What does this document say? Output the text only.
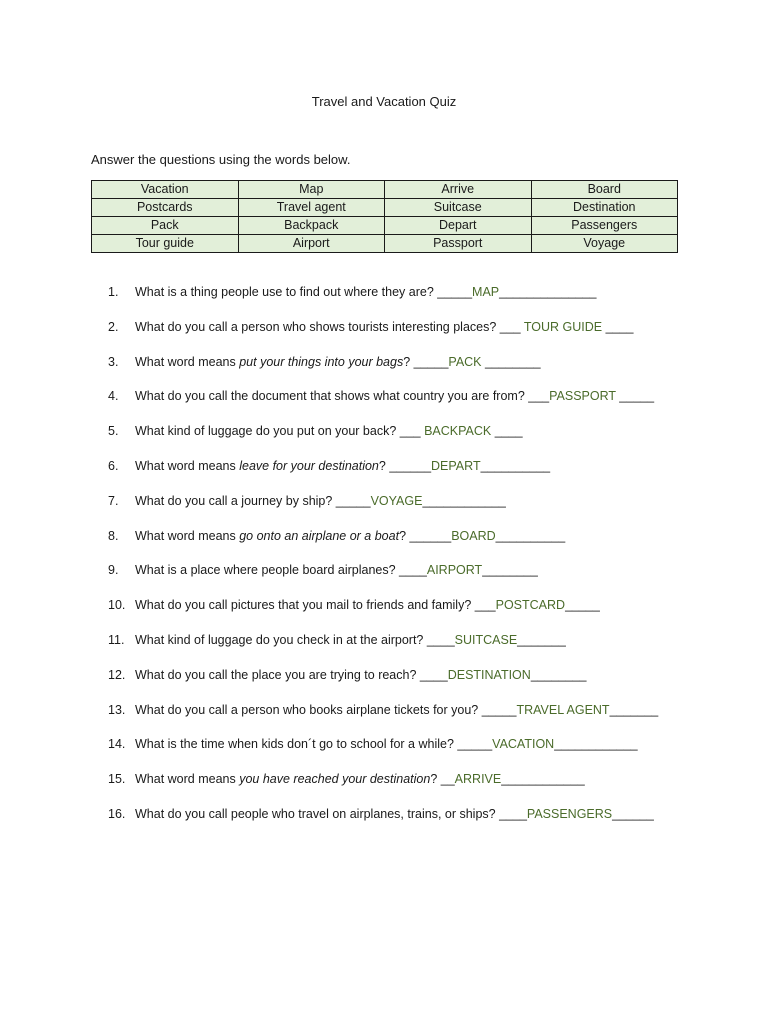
Travel and Vacation Quiz
Answer the questions using the words below.
Vacation	Map	Arrive	Board
Postcards	Travel agent	Suitcase	Destination
Pack	Backpack	Depart	Passengers
Tour guide	Airport	Passport	Voyage
1.	What is a thing people use to find out where they are? _____MAP______________
2.	What do you call a person who shows tourists interesting places? ___ TOUR GUIDE ____
3.	What word means put your things into your bags? _____PACK ________
4.	What do you call the document that shows what country you are from? ___PASSPORT _____
5.	What kind of luggage do you put on your back? ___ BACKPACK ____
6.	What word means leave for your destination? ______DEPART__________
7.	What do you call a journey by ship? _____VOYAGE____________
8.	What word means go onto an airplane or a boat? ______BOARD__________
9.	What is a place where people board airplanes? ____AIRPORT________
10. What do you call pictures that you mail to friends and family? ___POSTCARD_____
11. What kind of luggage do you check in at the airport? ____SUITCASE_______
12. What do you call the place you are trying to reach? ____DESTINATION________
13. What do you call a person who books airplane tickets for you? _____TRAVEL AGENT_______
14. What is the time when kids don´t go to school for a while? _____VACATION____________
15. What word means you have reached your destination? __ARRIVE____________
16. What do you call people who travel on airplanes, trains, or ships? ____PASSENGERS______
